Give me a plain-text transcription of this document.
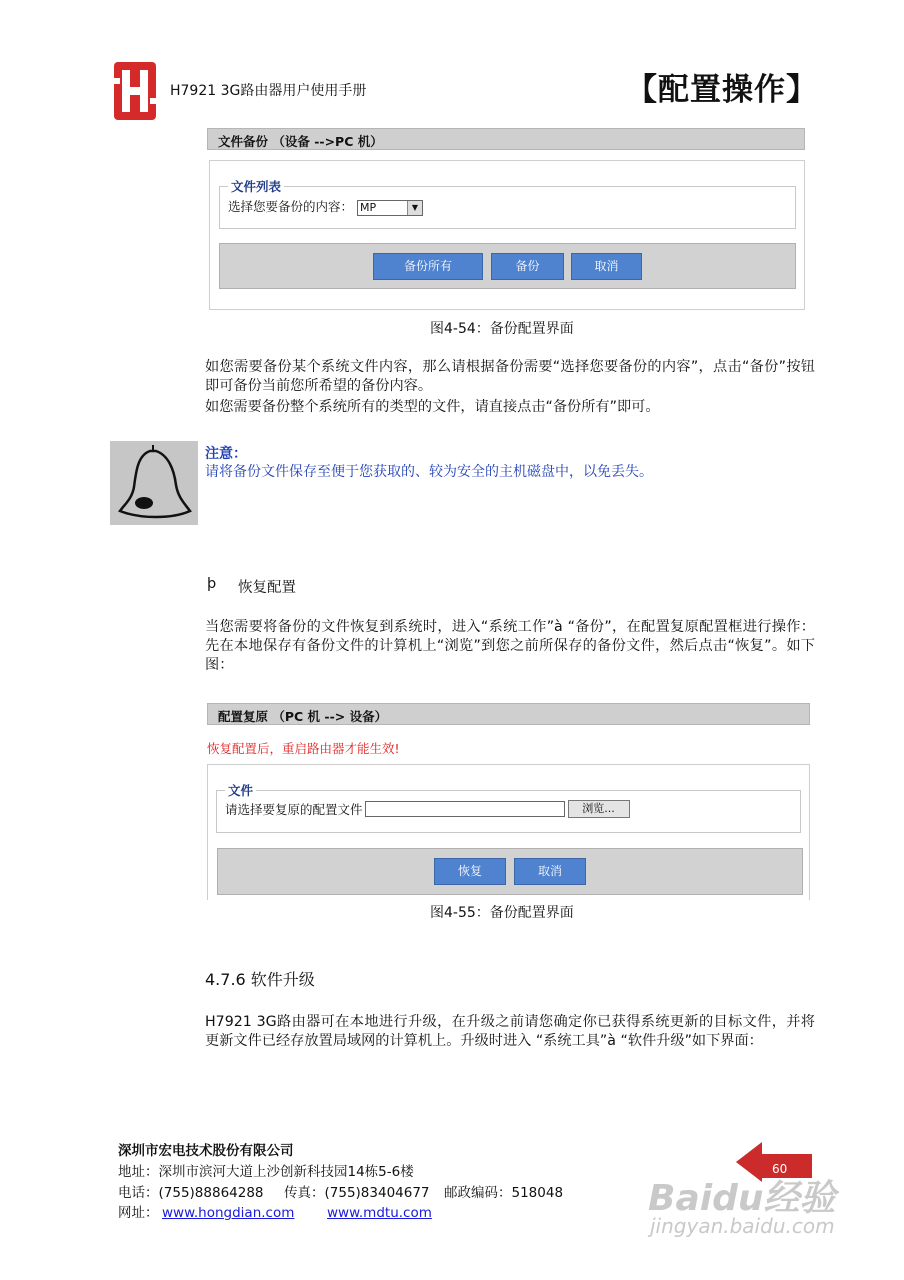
H7921 3G路由器用户使用手册	【配置操作】
文件备份 （设备 -->PC 机）
文件列表
选择您要备份的内容： MP	▼
备份所有	备份	取消
图4-54：备份配置界面
如您需要备份某个系统文件内容，那么请根据备份需要“选择您要备份的内容”，点击“备份”按钮即可备份当前您所希望的备份内容。
如您需要备份整个系统所有的类型的文件，请直接点击“备份所有”即可。
注意：
请将备份文件保存至便于您获取的、较为安全的主机磁盘中，以免丢失。
þ 恢复配置
当您需要将备份的文件恢复到系统时，进入“系统工作”à “备份”，在配置复原配置框进行操作：先在本地保存有备份文件的计算机上“浏览”到您之前所保存的备份文件，然后点击“恢复”。如下图：
配置复原 （PC 机 --> 设备）
恢复配置后，重启路由器才能生效!
文件
请选择要复原的配置文件	浏览...
恢复	取消
图4-55：备份配置界面
4.7.6 软件升级
H7921 3G路由器可在本地进行升级，在升级之前请您确定你已获得系统更新的目标文件，并将更新文件已经存放置局域网的计算机上。升级时进入 “系统工具”à “软件升级”如下界面：
深圳市宏电技术股份有限公司
地址：深圳市滨河大道上沙创新科技园14栋5-6楼
电话：(755)88864288 传真：(755)83404677 邮政编码：518048
网址： www.hongdian.com www.mdtu.com
60
Baidu经验
jingyan.baidu.com
